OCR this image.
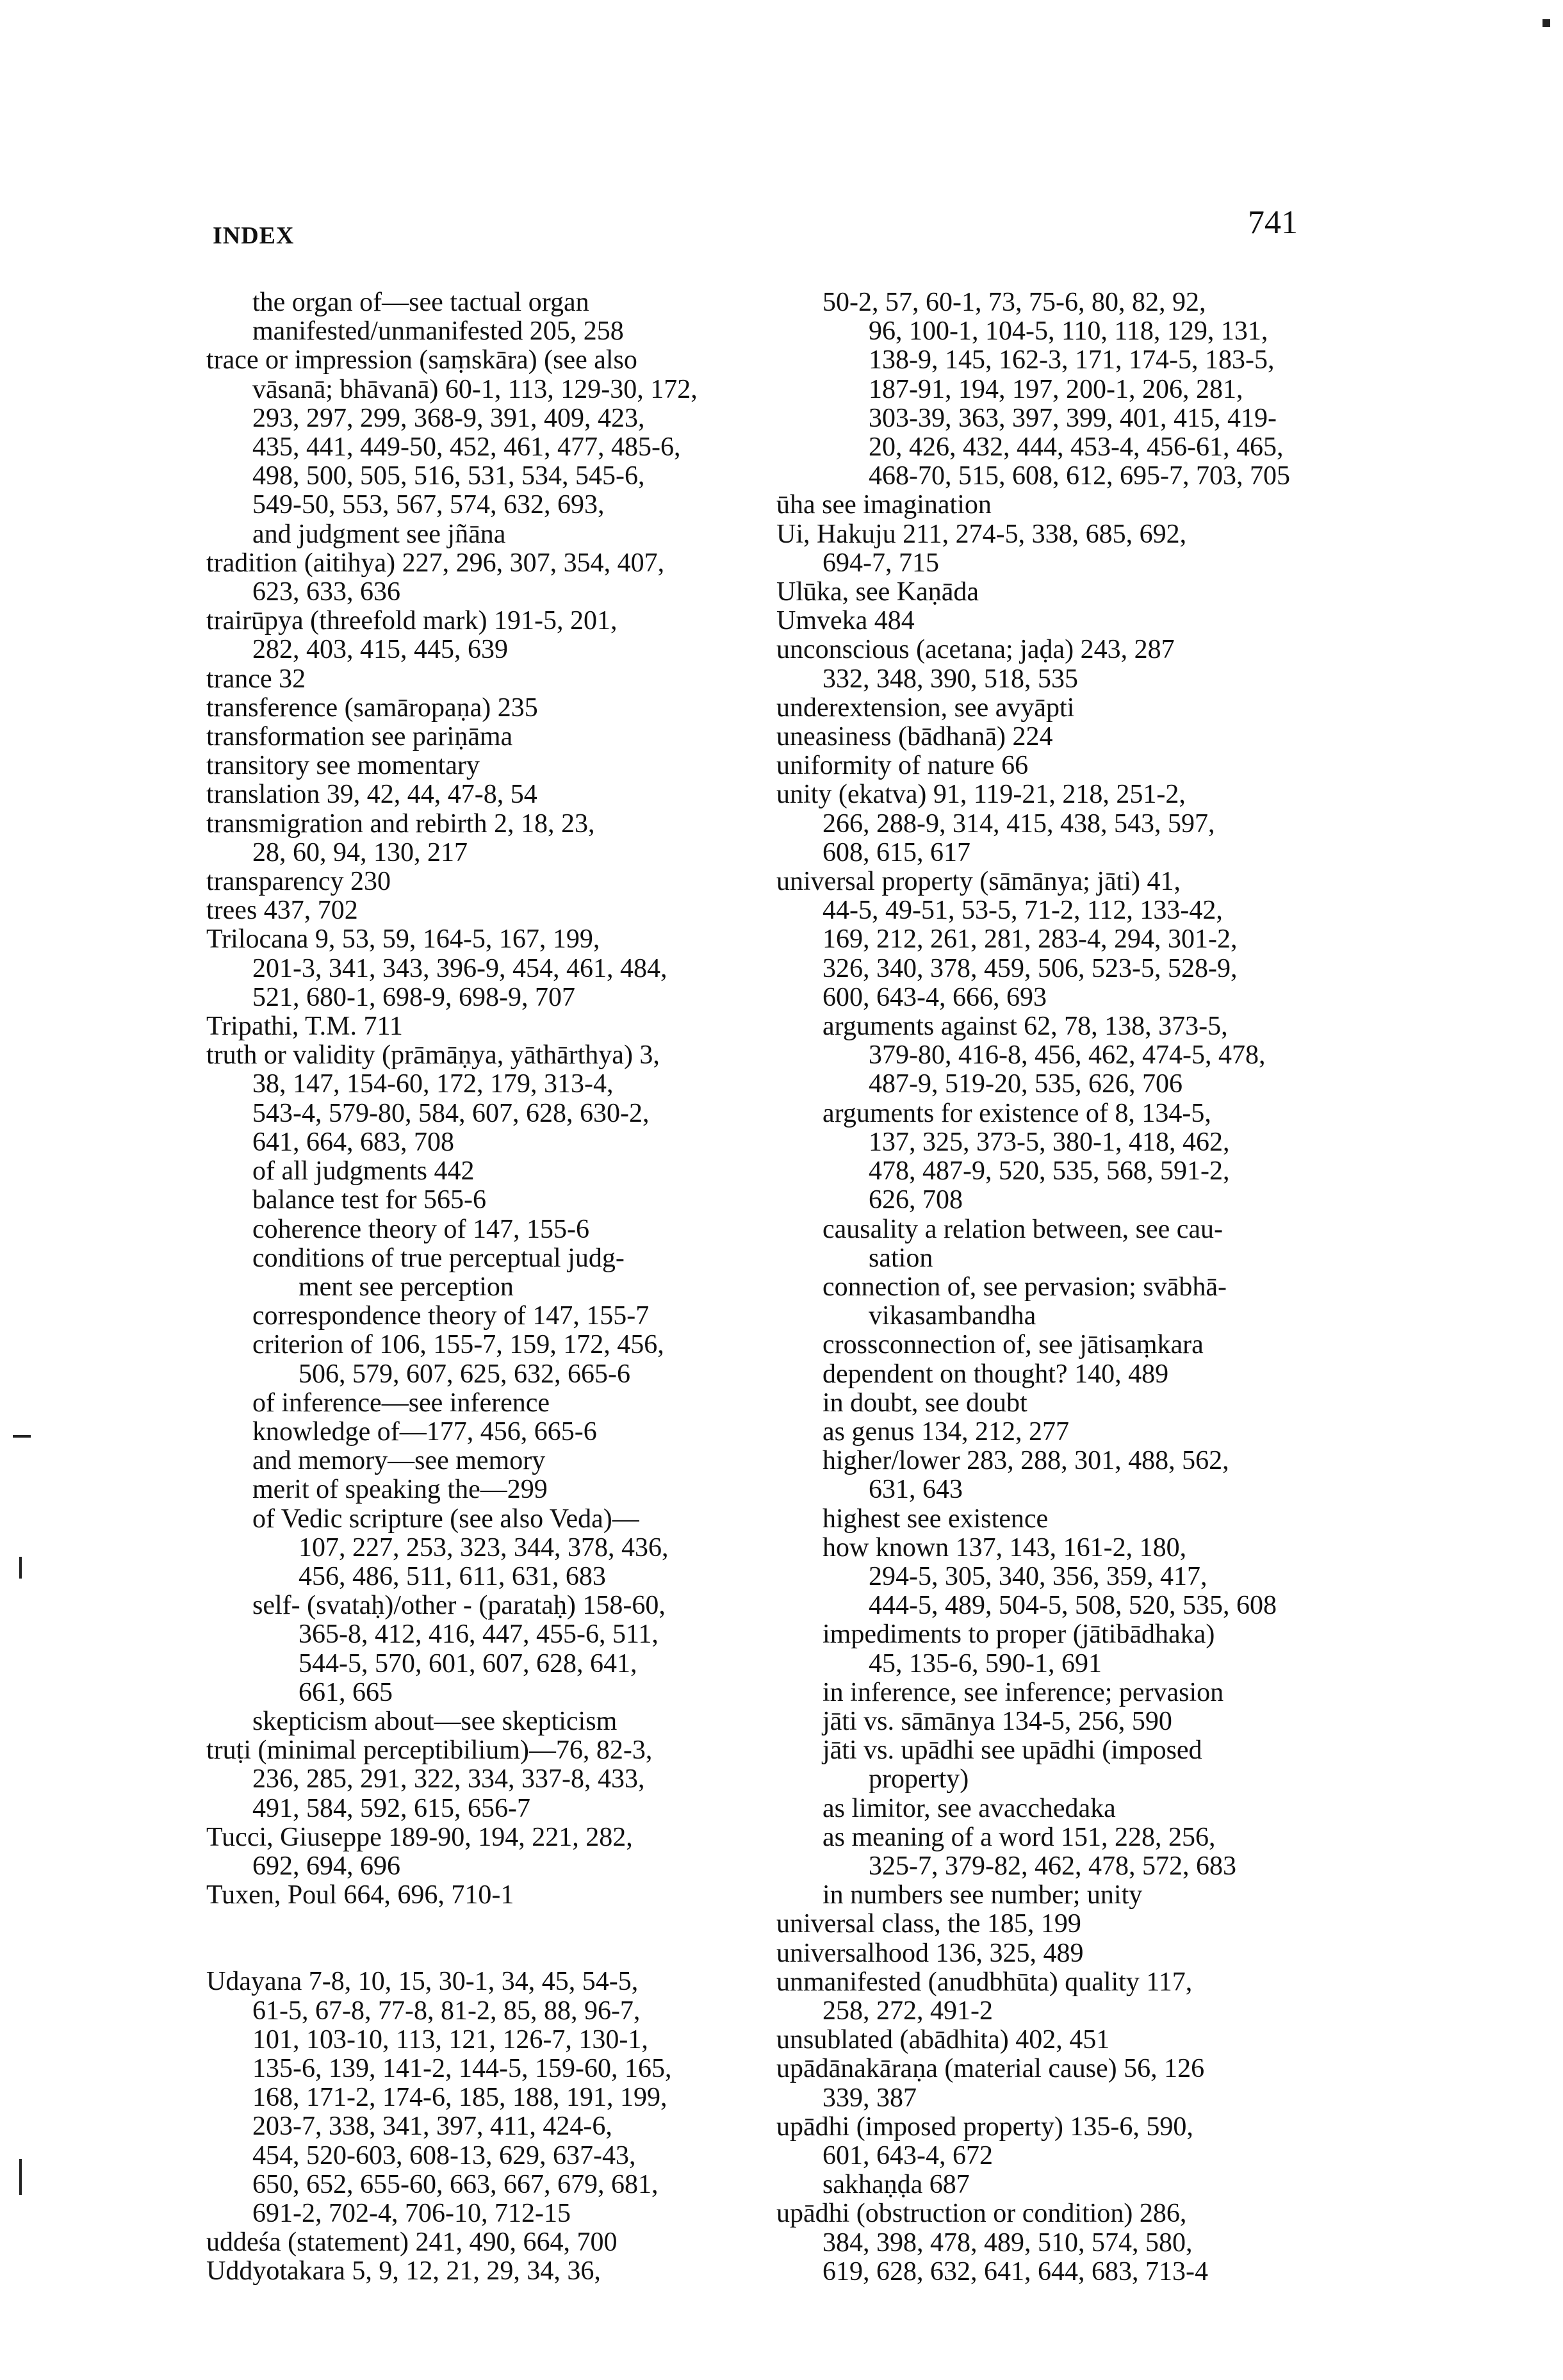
INDEX	741
the organ of—see tactual organ
manifested/unmanifested 205, 258
trace or impression (saṃskāra) (see also
vāsanā; bhāvanā) 60-1, 113, 129-30, 172,
293, 297, 299, 368-9, 391, 409, 423,
435, 441, 449-50, 452, 461, 477, 485-6,
498, 500, 505, 516, 531, 534, 545-6,
549-50, 553, 567, 574, 632, 693,
and judgment see jñāna
tradition (aitihya) 227, 296, 307, 354, 407,
623, 633, 636
trairūpya (threefold mark) 191-5, 201,
282, 403, 415, 445, 639
trance 32
transference (samāropaṇa) 235
transformation see pariṇāma
transitory see momentary
translation 39, 42, 44, 47-8, 54
transmigration and rebirth 2, 18, 23,
28, 60, 94, 130, 217
transparency 230
trees 437, 702
Trilocana 9, 53, 59, 164-5, 167, 199,
201-3, 341, 343, 396-9, 454, 461, 484,
521, 680-1, 698-9, 698-9, 707
Tripathi, T.M. 711
truth or validity (prāmāṇya, yāthārthya) 3,
38, 147, 154-60, 172, 179, 313-4,
543-4, 579-80, 584, 607, 628, 630-2,
641, 664, 683, 708
of all judgments 442
balance test for 565-6
coherence theory of 147, 155-6
conditions of true perceptual judg-
ment see perception
correspondence theory of 147, 155-7
criterion of 106, 155-7, 159, 172, 456,
506, 579, 607, 625, 632, 665-6
of inference—see inference
knowledge of—177, 456, 665-6
and memory—see memory
merit of speaking the—299
of Vedic scripture (see also Veda)—
107, 227, 253, 323, 344, 378, 436,
456, 486, 511, 611, 631, 683
self- (svataḥ)/other - (parataḥ) 158-60,
365-8, 412, 416, 447, 455-6, 511,
544-5, 570, 601, 607, 628, 641,
661, 665
skepticism about—see skepticism
truṭi (minimal perceptibilium)—76, 82-3,
236, 285, 291, 322, 334, 337-8, 433,
491, 584, 592, 615, 656-7
Tucci, Giuseppe 189-90, 194, 221, 282,
692, 694, 696
Tuxen, Poul 664, 696, 710-1
Udayana 7-8, 10, 15, 30-1, 34, 45, 54-5,
61-5, 67-8, 77-8, 81-2, 85, 88, 96-7,
101, 103-10, 113, 121, 126-7, 130-1,
135-6, 139, 141-2, 144-5, 159-60, 165,
168, 171-2, 174-6, 185, 188, 191, 199,
203-7, 338, 341, 397, 411, 424-6,
454, 520-603, 608-13, 629, 637-43,
650, 652, 655-60, 663, 667, 679, 681,
691-2, 702-4, 706-10, 712-15
uddeśa (statement) 241, 490, 664, 700
Uddyotakara 5, 9, 12, 21, 29, 34, 36,
50-2, 57, 60-1, 73, 75-6, 80, 82, 92,
96, 100-1, 104-5, 110, 118, 129, 131,
138-9, 145, 162-3, 171, 174-5, 183-5,
187-91, 194, 197, 200-1, 206, 281,
303-39, 363, 397, 399, 401, 415, 419-
20, 426, 432, 444, 453-4, 456-61, 465,
468-70, 515, 608, 612, 695-7, 703, 705
ūha see imagination
Ui, Hakuju 211, 274-5, 338, 685, 692,
694-7, 715
Ulūka, see Kaṇāda
Umveka 484
unconscious (acetana; jaḍa) 243, 287
332, 348, 390, 518, 535
underextension, see avyāpti
uneasiness (bādhanā) 224
uniformity of nature 66
unity (ekatva) 91, 119-21, 218, 251-2,
266, 288-9, 314, 415, 438, 543, 597,
608, 615, 617
universal property (sāmānya; jāti) 41,
44-5, 49-51, 53-5, 71-2, 112, 133-42,
169, 212, 261, 281, 283-4, 294, 301-2,
326, 340, 378, 459, 506, 523-5, 528-9,
600, 643-4, 666, 693
arguments against 62, 78, 138, 373-5,
379-80, 416-8, 456, 462, 474-5, 478,
487-9, 519-20, 535, 626, 706
arguments for existence of 8, 134-5,
137, 325, 373-5, 380-1, 418, 462,
478, 487-9, 520, 535, 568, 591-2,
626, 708
causality a relation between, see cau-
sation
connection of, see pervasion; svābhā-
vikasambandha
crossconnection of, see jātisaṃkara
dependent on thought? 140, 489
in doubt, see doubt
as genus 134, 212, 277
higher/lower 283, 288, 301, 488, 562,
631, 643
highest see existence
how known 137, 143, 161-2, 180,
294-5, 305, 340, 356, 359, 417,
444-5, 489, 504-5, 508, 520, 535, 608
impediments to proper (jātibādhaka)
45, 135-6, 590-1, 691
in inference, see inference; pervasion
jāti vs. sāmānya 134-5, 256, 590
jāti vs. upādhi see upādhi (imposed
property)
as limitor, see avacchedaka
as meaning of a word 151, 228, 256,
325-7, 379-82, 462, 478, 572, 683
in numbers see number; unity
universal class, the 185, 199
universalhood 136, 325, 489
unmanifested (anudbhūta) quality 117,
258, 272, 491-2
unsublated (abādhita) 402, 451
upādānakāraṇa (material cause) 56, 126
339, 387
upādhi (imposed property) 135-6, 590,
601, 643-4, 672
sakhaṇḍa 687
upādhi (obstruction or condition) 286,
384, 398, 478, 489, 510, 574, 580,
619, 628, 632, 641, 644, 683, 713-4
